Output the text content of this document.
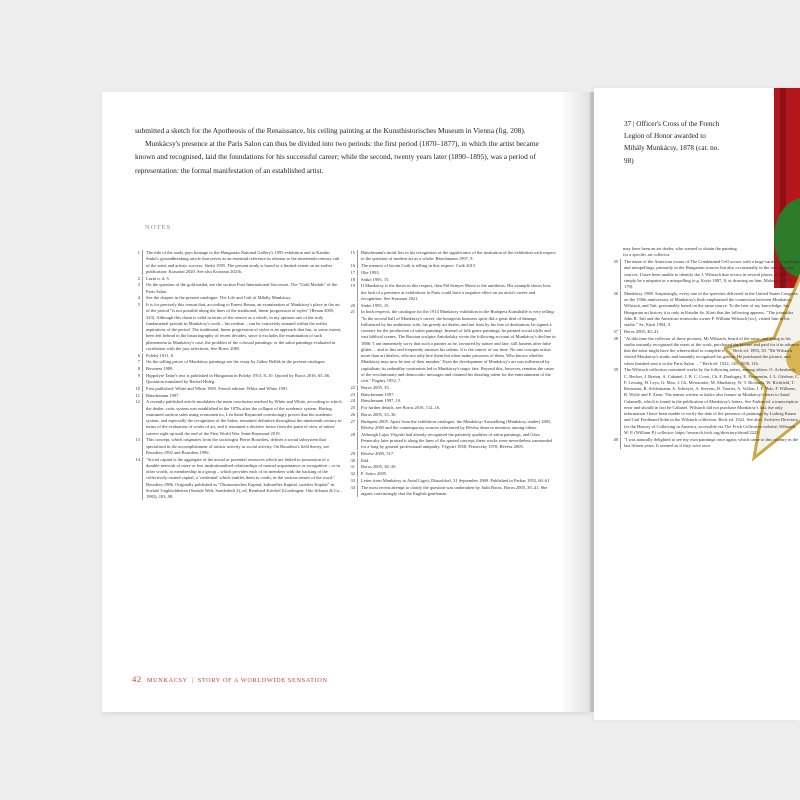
submitted a sketch for the Apotheosis of the Renaissance, his ceiling painting at the Kunsthistorisches Museum in Vienna (fig. 208).

Munkácsy's presence at the Paris Salon can thus be divided into two periods: the first period (1870–1877), in which the artist became known and recognised, laid the foundations for his successful career; while the second, twenty years later (1890–1895), was a period of representation: the formal manifestation of an established artist.

NOTES
1	The title of the study pays homage to the Hungarian National Gallery's 1995 exhibition and to Katalin Sinkó's groundbreaking article that serves as an essential reference in relation to the nineteenth-century cult of the artist and artistic success: Sinkó 1995. The present study is based to a limited extent on an earlier publication: Krasznai 2020. See also Krasznai 2021b.
2	Lazár n. d. 5.
3	On the question of the gold medal, see the section First International Successes. The "Gold Medals" of the Paris Salon.
4	See the chapter in the present catalogue: The Life and Cult of Mihály Munkácsy.
5	It is for precisely this reason that, according to Ernest Renan, an examination of Munkácsy's place in the art of the period "is not possible along the lines of the traditional, linear progression of styles" (Renan 2005, 323). Although this claim is valid in terms of the oeuvre as a whole, in my opinion one of the truly fundamental periods in Munkácsy's work – his realism – can be concretely situated within the realist aspirations of the period. The traditional, linear progression of styles is an approach that has, to some extent, been left behind in the historiography of recent decades, since it excludes the examination of such phenomena as Munkácsy's case, the problem of the colossal paintings, or the salon paintings evaluated in correlation with the jury selections. See Boros 2005.
6	Poleký 1911, 6.
7	On the selling prices of Munkácsy paintings see the essay by Gábor Bellák in the present catalogue.
8	Bowness 1989.
9	Hippolyte Taine's text is published in Hungarian in Poleký 1913, 8–10. Quoted by Boros 2016, 65–66. Quotation translated by Rachel Hideg.
10	First published: White and White 1965. French edition: White and White 1991.
11	Bätschmann 1997.
12	A recently published article modulates the main conclusion reached by White and White, according to which the dealer–critic system was established in the 1870s after the collapse of the academic system. Having examined auction sales using econometrics, Léa Saint-Raymond convincingly proves that the academic system, and especially the recognition of the Salon, remained definitive throughout the nineteenth century in terms of the evaluation of works of art, and it remained a decisive factor from the point of view of artists' careers right up until the end of the First World War. Saint-Raymond 2019.
13	This concept, which originates from the sociologist Pierre Bourdieu, defines a social subsystem that specialised in the accomplishment of artistic activity as social activity. On Bourdieu's field theory, see Bourdieu 1992 and Bourdieu 1996.
14	"Social capital is the aggregate of the actual or potential resources which are linked to possession of a durable network of more or less institutionalised relationships of mutual acquaintance or recognition – or in other words, to membership in a group – which provides each of its members with the backing of the collectively-owned capital, a 'credential' which entitles them to credit, in the various senses of the word." Bourdieu 1986. Originally published as "Ökonomisches Kapital, kulturelles Kapital, soziales Kapital" in Soziale Ungleichheiten (Soziale Welt, Sonderheft 2), ed. Reinhard Kreckel (Goettingen: Otto Schartz & Co., 1983), 183–98.
15	Bätschmann's motif lies in his recognition of the significance of the institution of the exhibition with respect to the question of modern art as a whole. Bätschmann 1997, 9.
16	The memoir of István Csók is telling in this respect: Csók 2015.
17	Ohe 1993.
18	Sinkó 1995, 15.
19	If Munkácsy is the thesis in this respect, then Pál Szinyei Merse is the antithesis. His example shows how the lack of a presence at exhibitions in Paris could have a negative effect on an artist's career and recognition. See Krasznai 2021.
20	Sinkó 1995, 15.
21	In both respects, the catalogue for the 1914 Munkácsy exhibition in the Budapest Kunsthalle is very telling: "In the second half of Munkácsy's career, the bourgeois business spirit did a great deal of damage. Influenced by his ambitious wife, his greedy art dealer, and not least by his fear of destitution, he signed a contract for the production of salon paintings. Instead of folk genre paintings, he painted social idylls and vast biblical scenes. The Russian sculptor Antokolsky wrote the following account of Munkácsy's decline in 1886: 'I am immensely sorry that such a painter as he, favoured by nature and fate, still hastens after false glitter… and to this end frequently misuses his talents. It is the cancer of our time. No one corrupts artists more than art dealers, who not only hire them but often make prisoners of them. Who knows whether Munkácsy may now be one of their number.' Even the development of Munkácsy's art was influenced by capitalism; its unhealthy constraints led to Munkácsy's tragic fate. Beyond this, however, remains the cause of the revolutionary and democratic messages and claimed his dazzling talent for the entertainment of the rich." Pogány 1952, 7.
22	Boros 2005, 35.
23	Bätschmann 1997.
24	Bätschmann 1997, 10.
25	For further details, see Boros 2016, 112–16.
26	Boros 2005, 33–36.
27	Budapest 2005. Apart from the exhibition catalogue, the Munkácsy-Ausstellung (Munkácsy reader) 2005, Révész 2005 and the contemporary sources referenced by Révész deserve mention, among others.
28	Although Lajos Végvári had already recognised the painterly qualities of salon paintings, and Géza Perneczky later praised it along the lines of the quoted concept, these works were nevertheless surrounded for a long by general professional antipathy. Végvári 1958; Perneczky 1970; Révész 2005.
29	Révész 2005, 517.
30	Ibid.
31	Boros 2005, 38–39.
32	F. Szücs 2005.
33	Letter from Munkácsy to Antal Ligeti, Düsseldorf, 31 September 1869. Published in Farkas 1952, 60–61.
34	The most recent attempt to clarify the question was undertaken by Judit Boros. Boros 2005, 39–41. She argues convincingly that the English gentleman
42 MUNKACSY | STORY OF A WORLDWIDE SENSATION

37 | Officer's Cross of the French Legion of Honor awarded to Mihály Munkácsy, 1878 (cat. no. 98)

may have been an art dealer, who wanted to obtain the painting for a specific art collector.
35	The name of the American owner of The Condemned Cell occurs with a huge variety of spellings and misspellings, primarily in the Hungarian sources but also occasionally in the international sources. I have been unable to identify the J. Wilstach that occurs in several places; this may simply be a misprint or a misspelling (e.g. Kuriz 1887, 8, or drawing on him, Malonyay 1898, 179).
36	Munkácsy 1989. Surprisingly, every one of the speeches delivered in the United States Congress on the 150th anniversary of Munkácsy's birth emphasised the connection between Munkácsy, Wilstach, and Tait; presumably based on the same source. To the best of my knowledge, his Hungarian art history it is only in Katalin Sz. Kürti that the following appears: "The journalist John R. Tait and the American ironworks owner P. William Wilstach [sic], visited him in his studio." Sz. Kürti 1994, 9.
37	Boros 2005, 40–41.
38	"At this time the collector of these pictures, Mr Wilstach, heard of the artist, and going to his studio instantly recognized the merit of the work, purchased the picture and paid for it in advance that the artist might have the wherewithal to complete it …" Beck ed. 1893, 50. "Mr Wilstach visited Munkácsy's studio and instantly recognised his genius. He purchased the picture, and when finished sent it to the Paris Salon …" Beck ed. 1922, 128; 1938, 116.
39	The Wilstach collection contained works by the following artists, among others: O. Achenbach, C. Becker, J. Breton, A. Cabanel, J. B. C. Corot, Ch. F. Daubigny, E. Fromentin, J. L. Gérôme, C. F. Lessing, H. Leys, G. Max, J. Ch. Meissonier, M. Munkácsy, W. T. Richards, W. Richfield, T. Rousseau, R. Schleimann, A. Schreyer, A. Stevens, B. Vautier, A. Vollon, J. F. Volz, F. Willems, R. Wylie and F. Ziem. The names written in italics also feature in Munkácsy's letter to Antal Calamelli, which is found in the publication of Munkácsy's letters. See Farkas ed. a transcription error and should in fact be Cabanel. Wilstach did not purchase Munkácsy's last, the only information I have been unable to verify the date of the presence of paintings by Ludwig Knaus and Carl Ferdinand Sohn in the Wilstach collection. Beck ed. 1922. See also: Archives Directory for the History of Collecting in America, accessible via The Frick Collection website; Wilstach, W. P. (William P.) collector: https://research.frick.org/directory/detail/2225
40	"I was naturally delighted to see my own paintings once again; which came to this country in the last fifteen years. It seemed as if they were once
